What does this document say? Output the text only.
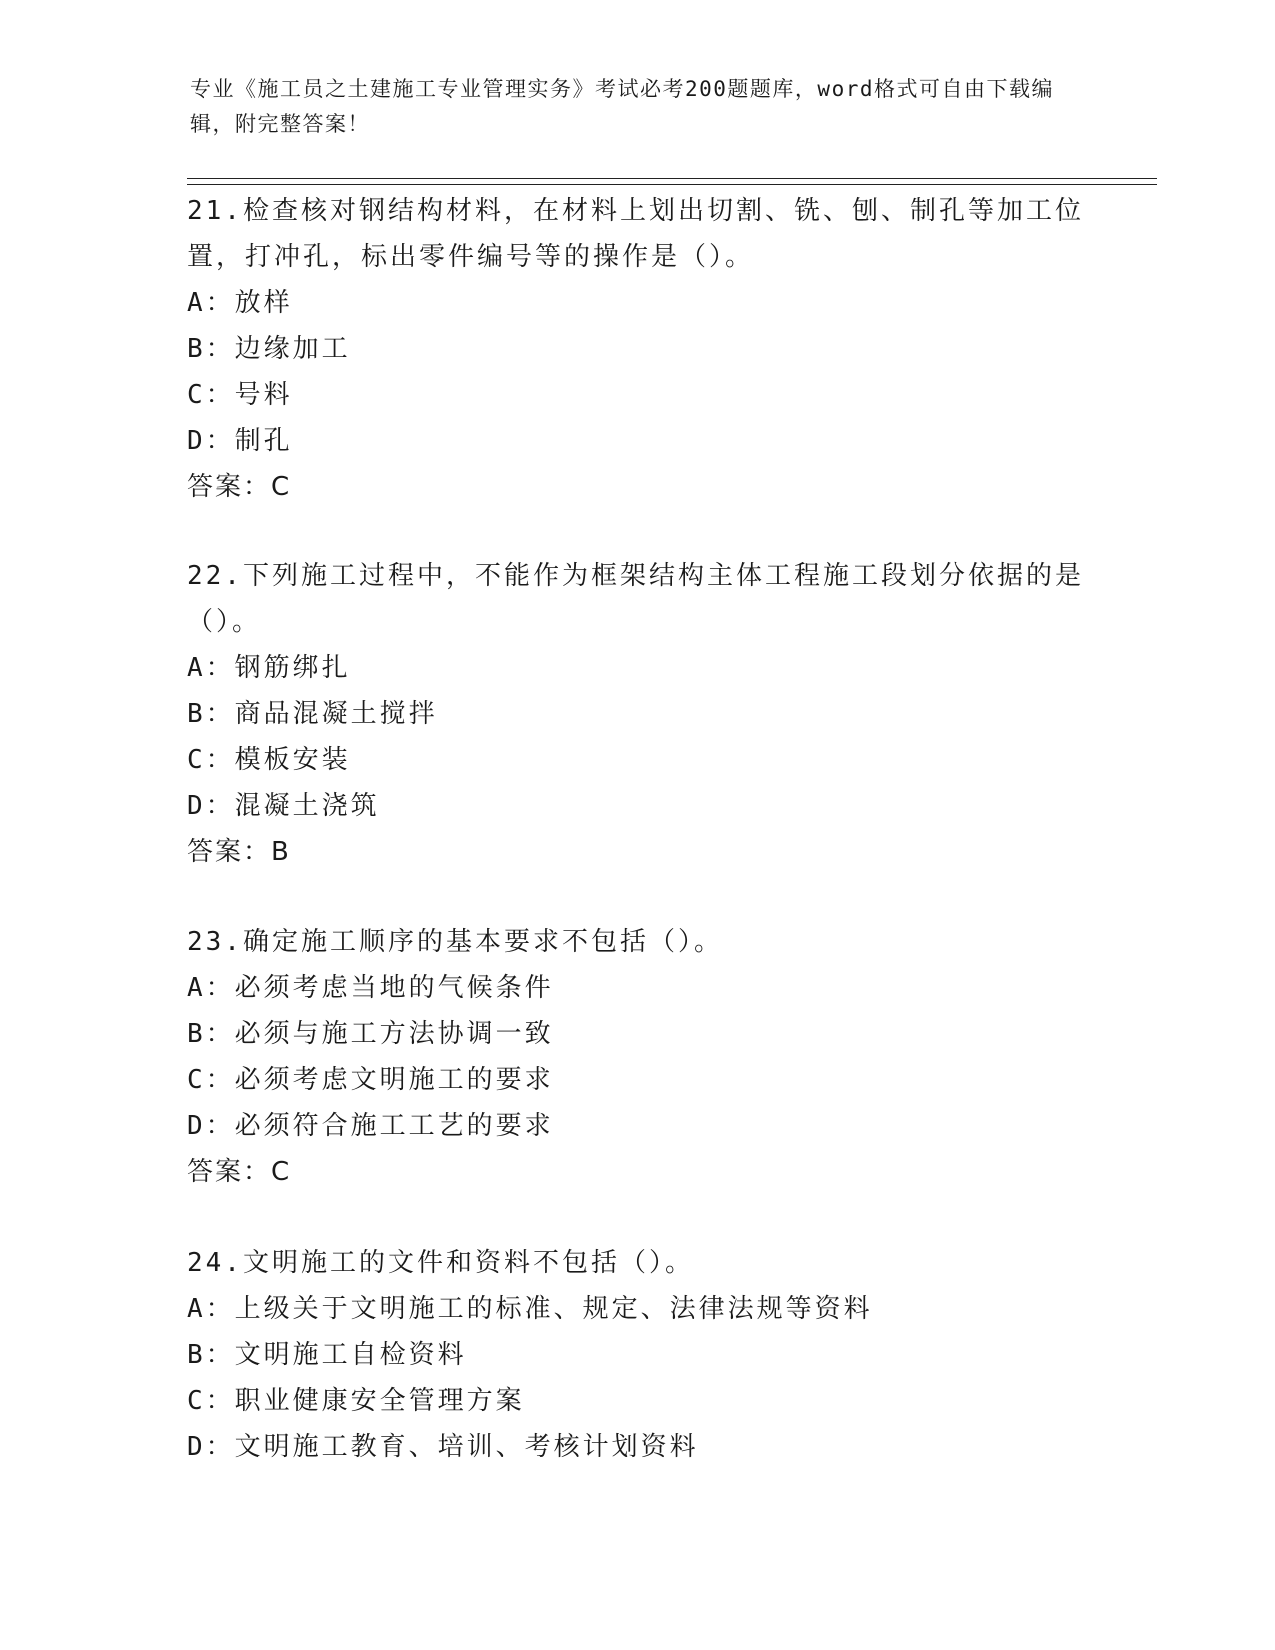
专业《施工员之土建施工专业管理实务》考试必考200题题库，word格式可自由下载编辑，附完整答案！

21.检查核对钢结构材料，在材料上划出切割、铣、刨、制孔等加工位置，打冲孔，标出零件编号等的操作是（）。

A：放样

B：边缘加工

C：号料

D：制孔

答案：C

22.下列施工过程中，不能作为框架结构主体工程施工段划分依据的是（）。

A：钢筋绑扎

B：商品混凝土搅拌

C：模板安装

D：混凝土浇筑

答案：B

23.确定施工顺序的基本要求不包括（）。

A：必须考虑当地的气候条件

B：必须与施工方法协调一致

C：必须考虑文明施工的要求

D：必须符合施工工艺的要求

答案：C

24.文明施工的文件和资料不包括（）。

A：上级关于文明施工的标准、规定、法律法规等资料

B：文明施工自检资料

C：职业健康安全管理方案

D：文明施工教育、培训、考核计划资料
